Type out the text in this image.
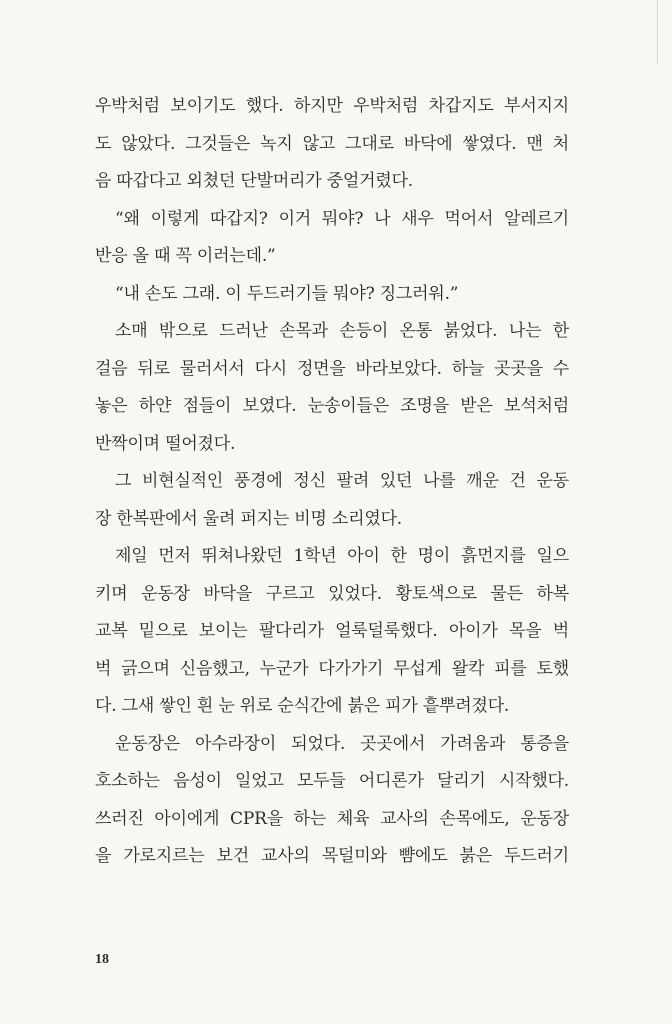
우박처럼 보이기도 했다. 하지만 우박처럼 차갑지도 부서지지
도 않았다. 그것들은 녹지 않고 그대로 바닥에 쌓였다. 맨 처
음 따갑다고 외쳤던 단발머리가 중얼거렸다.
“왜 이렇게 따갑지? 이거 뭐야? 나 새우 먹어서 알레르기
반응 올 때 꼭 이러는데.”
“내 손도 그래. 이 두드러기들 뭐야? 징그러워.”
소매 밖으로 드러난 손목과 손등이 온통 붉었다. 나는 한
걸음 뒤로 물러서서 다시 정면을 바라보았다. 하늘 곳곳을 수
놓은 하얀 점들이 보였다. 눈송이들은 조명을 받은 보석처럼
반짝이며 떨어졌다.
그 비현실적인 풍경에 정신 팔려 있던 나를 깨운 건 운동
장 한복판에서 울려 퍼지는 비명 소리였다.
제일 먼저 뛰쳐나왔던 1학년 아이 한 명이 흙먼지를 일으
키며 운동장 바닥을 구르고 있었다. 황토색으로 물든 하복
교복 밑으로 보이는 팔다리가 얼룩덜룩했다. 아이가 목을 벅
벅 긁으며 신음했고, 누군가 다가가기 무섭게 왈칵 피를 토했
다. 그새 쌓인 흰 눈 위로 순식간에 붉은 피가 흩뿌려졌다.
운동장은 아수라장이 되었다. 곳곳에서 가려움과 통증을
호소하는 음성이 일었고 모두들 어디론가 달리기 시작했다.
쓰러진 아이에게 CPR을 하는 체육 교사의 손목에도, 운동장
을 가로지르는 보건 교사의 목덜미와 뺨에도 붉은 두드러기
18
